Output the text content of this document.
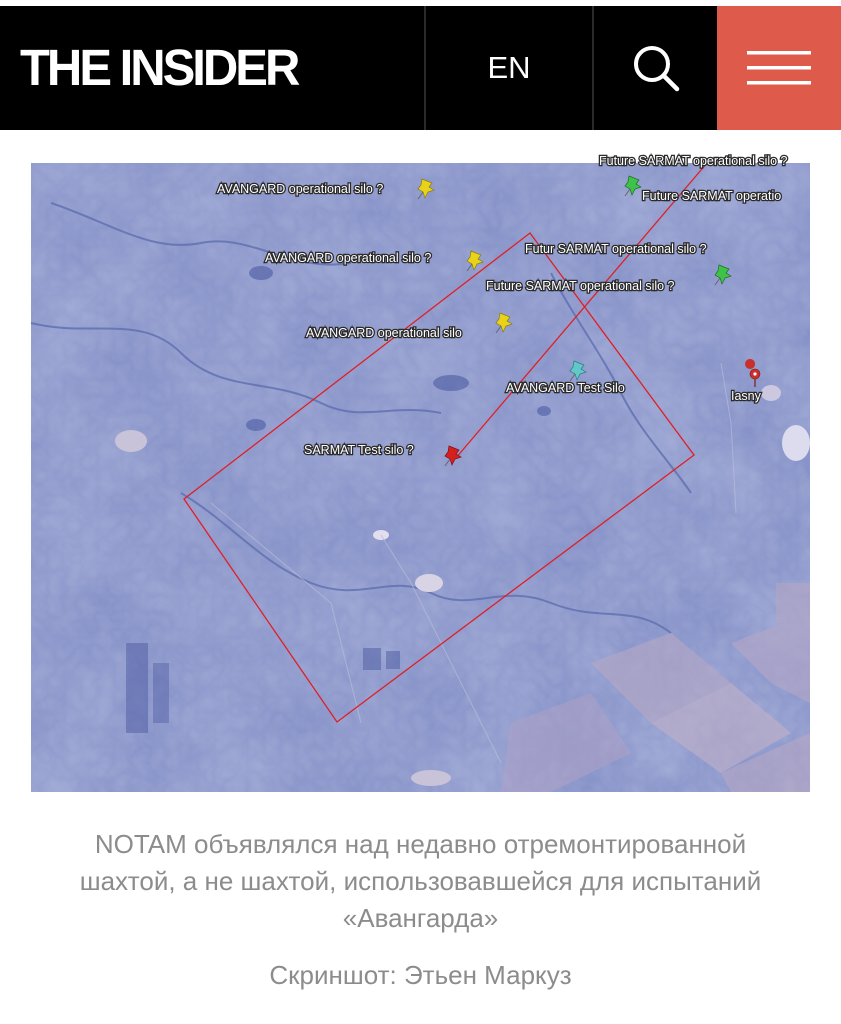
THE INSIDER	EN
Future SARMAT operational silo ?
AVANGARD operational silo ?	Future SARMAT operatio
AVANGARD operational silo ?
Futur SARMAT operational silo ?
Future SARMAT operational silo ?
AVANGARD operational silo
AVANGARD Test Silo
Iasny
SARMAT Test silo ?
NOTAM объявлялся над недавно отремонтированной
шахтой, а не шахтой, использовавшейся для испытаний
«Авангарда»
Скриншот: Этьен Маркуз
